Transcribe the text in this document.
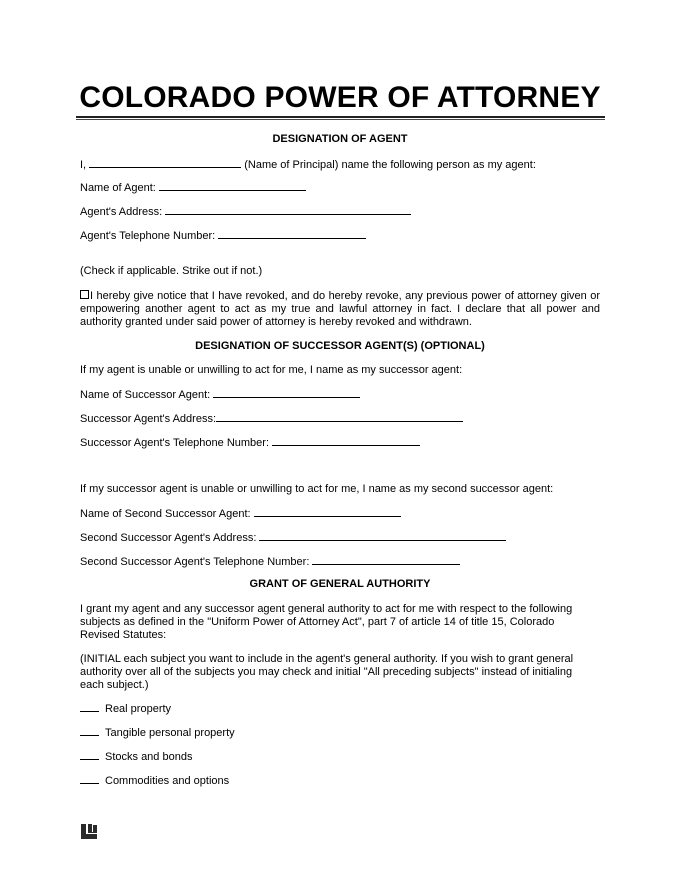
COLORADO POWER OF ATTORNEY
DESIGNATION OF AGENT
I,	(Name of Principal) name the following person as my agent:
Name of Agent:
Agent's Address:
Agent's Telephone Number:
(Check if applicable. Strike out if not.)
I hereby give notice that I have revoked, and do hereby revoke, any previous power of attorney given or empowering another agent to act as my true and lawful attorney in fact. I declare that all power and authority granted under said power of attorney is hereby revoked and withdrawn.
DESIGNATION OF SUCCESSOR AGENT(S) (OPTIONAL)
If my agent is unable or unwilling to act for me, I name as my successor agent:
Name of Successor Agent:
Successor Agent's Address:
Successor Agent's Telephone Number:
If my successor agent is unable or unwilling to act for me, I name as my second successor agent:
Name of Second Successor Agent:
Second Successor Agent's Address:
Second Successor Agent's Telephone Number:
GRANT OF GENERAL AUTHORITY
I grant my agent and any successor agent general authority to act for me with respect to the following subjects as defined in the "Uniform Power of Attorney Act", part 7 of article 14 of title 15, Colorado Revised Statutes:
(INITIAL each subject you want to include in the agent's general authority. If you wish to grant general authority over all of the subjects you may check and initial "All preceding subjects" instead of initialing each subject.)
Real property
Tangible personal property
Stocks and bonds
Commodities and options
